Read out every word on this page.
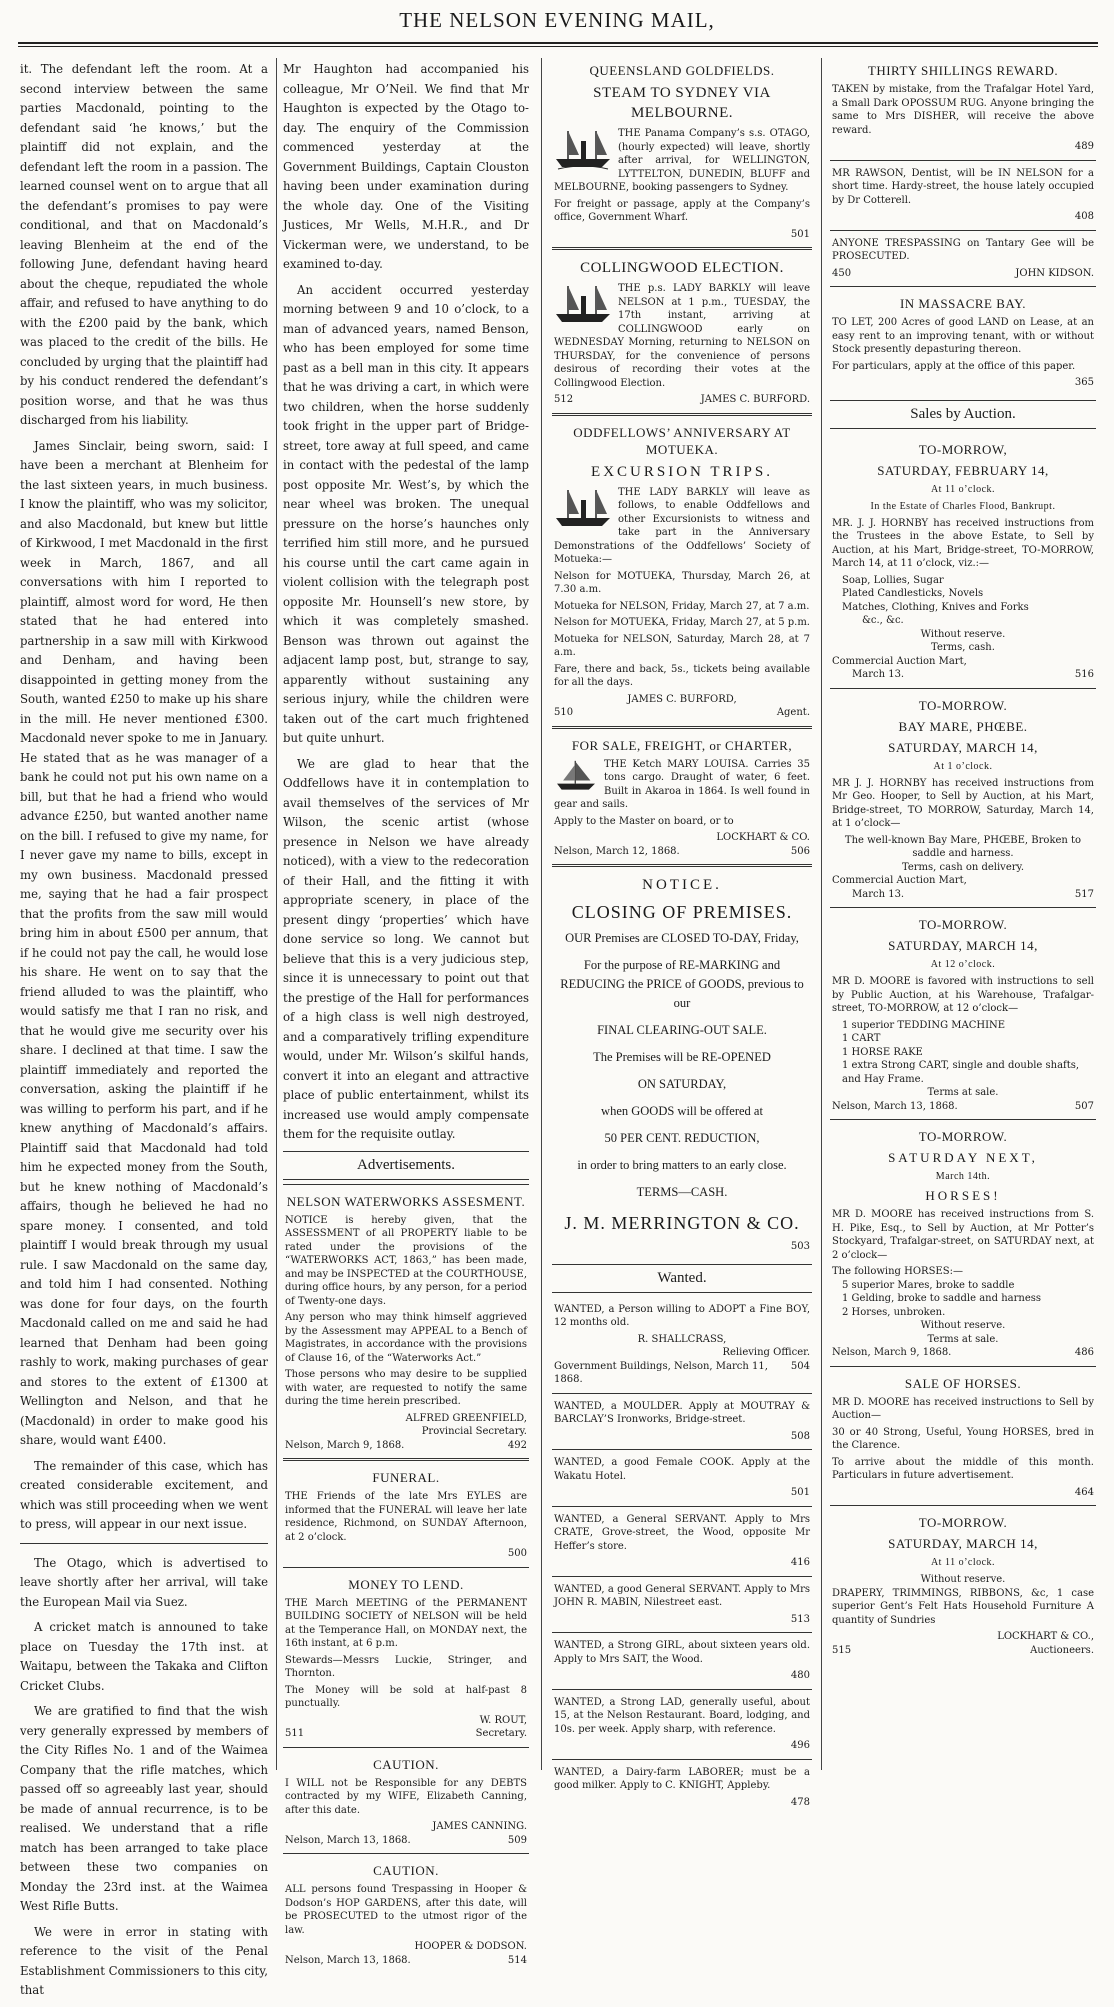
THE NELSON EVENING MAIL,

it. The defendant left the room. At a second interview between the same parties Macdonald, pointing to the defendant said ‘he knows,’ but the plaintiff did not explain, and the defendant left the room in a passion. The learned counsel went on to argue that all the defendant’s promises to pay were conditional, and that on Macdonald’s leaving Blenheim at the end of the following June, defendant having heard about the cheque, repudiated the whole affair, and refused to have anything to do with the £200 paid by the bank, which was placed to the credit of the bills. He concluded by urging that the plaintiff had by his conduct rendered the defendant’s position worse, and that he was thus discharged from his liability.

James Sinclair, being sworn, said: I have been a merchant at Blenheim for the last sixteen years, in much business. I know the plaintiff, who was my solicitor, and also Macdonald, but knew but little of Kirkwood, I met Macdonald in the first week in March, 1867, and all conversations with him I reported to plaintiff, almost word for word, He then stated that he had entered into partnership in a saw mill with Kirkwood and Denham, and having been disappointed in getting money from the South, wanted £250 to make up his share in the mill. He never mentioned £300. Macdonald never spoke to me in January. He stated that as he was manager of a bank he could not put his own name on a bill, but that he had a friend who would advance £250, but wanted another name on the bill. I refused to give my name, for I never gave my name to bills, except in my own business. Macdonald pressed me, saying that he had a fair prospect that the profits from the saw mill would bring him in about £500 per annum, that if he could not pay the call, he would lose his share. He went on to say that the friend alluded to was the plaintiff, who would satisfy me that I ran no risk, and that he would give me security over his share. I declined at that time. I saw the plaintiff immediately and reported the conversation, asking the plaintiff if he was willing to perform his part, and if he knew anything of Macdonald’s affairs. Plaintiff said that Macdonald had told him he expected money from the South, but he knew nothing of Macdonald’s affairs, though he believed he had no spare money. I consented, and told plaintiff I would break through my usual rule. I saw Macdonald on the same day, and told him I had consented. Nothing was done for four days, on the fourth Macdonald called on me and said he had learned that Denham had been going rashly to work, making purchases of gear and stores to the extent of £1300 at Wellington and Nelson, and that he (Macdonald) in order to make good his share, would want £400.

The remainder of this case, which has created considerable excitement, and which was still proceeding when we went to press, will appear in our next issue.

The Otago, which is advertised to leave shortly after her arrival, will take the European Mail via Suez.

A cricket match is announed to take place on Tuesday the 17th inst. at Waitapu, between the Takaka and Clifton Cricket Clubs.

We are gratified to find that the wish very generally expressed by members of the City Rifles No. 1 and of the Waimea Company that the rifle matches, which passed off so agreeably last year, should be made of annual recurrence, is to be realised. We understand that a rifle match has been arranged to take place between these two companies on Monday the 23rd inst. at the Waimea West Rifle Butts.

We were in error in stating with reference to the visit of the Penal Establishment Commissioners to this city, that

Mr Haughton had accompanied his colleague, Mr O’Neil. We find that Mr Haughton is expected by the Otago to-day. The enquiry of the Commission commenced yesterday at the Government Buildings, Captain Clouston having been under examination during the whole day. One of the Visiting Justices, Mr Wells, M.H.R., and Dr Vickerman were, we understand, to be examined to-day.

An accident occurred yesterday morning between 9 and 10 o’clock, to a man of advanced years, named Benson, who has been employed for some time past as a bell man in this city. It appears that he was driving a cart, in which were two children, when the horse suddenly took fright in the upper part of Bridge-street, tore away at full speed, and came in contact with the pedestal of the lamp post opposite Mr. West’s, by which the near wheel was broken. The unequal pressure on the horse’s haunches only terrified him still more, and he pursued his course until the cart came again in violent collision with the telegraph post opposite Mr. Hounsell’s new store, by which it was completely smashed. Benson was thrown out against the adjacent lamp post, but, strange to say, apparently without sustaining any serious injury, while the children were taken out of the cart much frightened but quite unhurt.

We are glad to hear that the Oddfellows have it in contemplation to avail themselves of the services of Mr Wilson, the scenic artist (whose presence in Nelson we have already noticed), with a view to the redecoration of their Hall, and the fitting it with appropriate scenery, in place of the present dingy ‘properties’ which have done service so long. We cannot but believe that this is a very judicious step, since it is unnecessary to point out that the prestige of the Hall for performances of a high class is well nigh destroyed, and a comparatively trifling expenditure would, under Mr. Wilson’s skilful hands, convert it into an elegant and attractive place of public entertainment, whilst its increased use would amply compensate them for the requisite outlay.

Advertisements.
NELSON WATERWORKS ASSESMENT.

NOTICE is hereby given, that the ASSESSMENT of all PROPERTY liable to be rated under the provisions of the “WATERWORKS ACT, 1863,” has been made, and may be INSPECTED at the COURTHOUSE, during office hours, by any person, for a period of Twenty-one days.

Any person who may think himself aggrieved by the Assessment may APPEAL to a Bench of Magistrates, in accordance with the provisions of Clause 16, of the “Waterworks Act.”

Those persons who may desire to be supplied with water, are requested to notify the same during the time herein prescribed.

ALFRED GREENFIELD,
Provincial Secretary.
Nelson, March 9, 1868.	492
FUNERAL.

THE Friends of the late Mrs EYLES are informed that the FUNERAL will leave her late residence, Richmond, on SUNDAY Afternoon, at 2 o’clock.

500
MONEY TO LEND.

THE March MEETING of the PERMANENT BUILDING SOCIETY of NELSON will be held at the Temperance Hall, on MONDAY next, the 16th instant, at 6 p.m.

Stewards—Messrs Luckie, Stringer, and Thornton.

The Money will be sold at half-past 8 punctually.

W. ROUT,
511	Secretary.
CAUTION.

I WILL not be Responsible for any DEBTS contracted by my WIFE, Elizabeth Canning, after this date.

JAMES CANNING.
Nelson, March 13, 1868.	509
CAUTION.

ALL persons found Trespassing in Hooper & Dodson’s HOP GARDENS, after this date, will be PROSECUTED to the utmost rigor of the law.

HOOPER & DODSON.
Nelson, March 13, 1868.	514
QUEENSLAND GOLDFIELDS.
STEAM TO SYDNEY VIA MELBOURNE.

THE Panama Company’s s.s. OTAGO, (hourly expected) will leave, shortly after arrival, for WELLINGTON, LYTTELTON, DUNEDIN, BLUFF and MELBOURNE, booking passengers to Sydney.

For freight or passage, apply at the Company’s office, Government Wharf.

501
COLLINGWOOD ELECTION.

THE p.s. LADY BARKLY will leave NELSON at 1 p.m., TUESDAY, the 17th instant, arriving at COLLINGWOOD early on WEDNESDAY Morning, returning to NELSON on THURSDAY, for the convenience of persons desirous of recording their votes at the Collingwood Election.

512	JAMES C. BURFORD.
ODDFELLOWS’ ANNIVERSARY AT MOTUEKA.
EXCURSION TRIPS.

THE LADY BARKLY will leave as follows, to enable Oddfellows and other Excursionists to witness and take part in the Anniversary Demonstrations of the Oddfellows’ Society of Motueka:—

Nelson for MOTUEKA, Thursday, March 26, at 7.30 a.m.

Motueka for NELSON, Friday, March 27, at 7 a.m.

Nelson for MOTUEKA, Friday, March 27, at 5 p.m.

Motueka for NELSON, Saturday, March 28, at 7 a.m.

Fare, there and back, 5s., tickets being available for all the days.

JAMES C. BURFORD,
510	Agent.
FOR SALE, FREIGHT, or CHARTER,

THE Ketch MARY LOUISA. Carries 35 tons cargo. Draught of water, 6 feet. Built in Akaroa in 1864. Is well found in gear and sails.

Apply to the Master on board, or to

LOCKHART & CO.
Nelson, March 12, 1868.	506
NOTICE.
CLOSING OF PREMISES.
OUR Premises are CLOSED TO-DAY, Friday,
For the purpose of RE-MARKING and REDUCING the PRICE of GOODS, previous to our
FINAL CLEARING-OUT SALE.
The Premises will be RE-OPENED
ON SATURDAY,
when GOODS will be offered at
50 PER CENT. REDUCTION,
in order to bring matters to an early close.
TERMS—CASH.
J. M. MERRINGTON & CO.
503
Wanted.

WANTED, a Person willing to ADOPT a Fine BOY, 12 months old.

R. SHALLCRASS,
Relieving Officer.
Government Buildings, Nelson, March 11, 1868.
504

WANTED, a MOULDER. Apply at MOUTRAY & BARCLAY’S Ironworks, Bridge-street.

508

WANTED, a good Female COOK. Apply at the Wakatu Hotel.

501

WANTED, a General SERVANT. Apply to Mrs CRATE, Grove-street, the Wood, opposite Mr Heffer’s store.

416

WANTED, a good General SERVANT. Apply to Mrs JOHN R. MABIN, Nilestreet east.

513

WANTED, a Strong GIRL, about sixteen years old. Apply to Mrs SAIT, the Wood.

480

WANTED, a Strong LAD, generally useful, about 15, at the Nelson Restaurant. Board, lodging, and 10s. per week. Apply sharp, with reference.

496

WANTED, a Dairy-farm LABORER; must be a good milker. Apply to C. KNIGHT, Appleby.

478
THIRTY SHILLINGS REWARD.

TAKEN by mistake, from the Trafalgar Hotel Yard, a Small Dark OPOSSUM RUG. Anyone bringing the same to Mrs DISHER, will receive the above reward.

489

MR RAWSON, Dentist, will be IN NELSON for a short time. Hardy-street, the house lately occupied by Dr Cotterell.

408

ANYONE TRESPASSING on Tantary Gee will be PROSECUTED.

450	JOHN KIDSON.
IN MASSACRE BAY.

TO LET, 200 Acres of good LAND on Lease, at an easy rent to an improving tenant, with or without Stock presently depasturing thereon.

For particulars, apply at the office of this paper.

365
Sales by Auction.
TO-MORROW,
SATURDAY, FEBRUARY 14,
At 11 o’clock.
In the Estate of Charles Flood, Bankrupt.

MR. J. J. HORNBY has received instructions from the Trustees in the above Estate, to Sell by Auction, at his Mart, Bridge-street, TO-MORROW, March 14, at 11 o’clock, viz.:—

Soap, Lollies, Sugar
Plated Candlesticks, Novels
Matches, Clothing, Knives and Forks
&c., &c.
Without reserve.
Terms, cash.
Commercial Auction Mart,
March 13.	516
TO-MORROW.
BAY MARE, PHŒBE.
SATURDAY, MARCH 14,
At 1 o’clock.

MR J. J. HORNBY has received instructions from Mr Geo. Hooper, to Sell by Auction, at his Mart, Bridge-street, TO MORROW, Saturday, March 14, at 1 o’clock—

The well-known Bay Mare, PHŒBE, Broken to saddle and harness.
Terms, cash on delivery.
Commercial Auction Mart,
March 13.	517
TO-MORROW.
SATURDAY, MARCH 14,
At 12 o’clock.

MR D. MOORE is favored with instructions to sell by Public Auction, at his Warehouse, Trafalgar-street, TO-MORROW, at 12 o’clock—

1 superior TEDDING MACHINE
1 CART
1 HORSE RAKE
1 extra Strong CART, single and double shafts, and Hay Frame.
Terms at sale.
Nelson, March 13, 1868.	507
TO-MORROW.
SATURDAY NEXT,
March 14th.
HORSES!

MR D. MOORE has received instructions from S. H. Pike, Esq., to Sell by Auction, at Mr Potter’s Stockyard, Trafalgar-street, on SATURDAY next, at 2 o’clock—

The following HORSES:—
5 superior Mares, broke to saddle
1 Gelding, broke to saddle and harness
2 Horses, unbroken.
Without reserve.
Terms at sale.
Nelson, March 9, 1868.	486
SALE OF HORSES.

MR D. MOORE has received instructions to Sell by Auction—

30 or 40 Strong, Useful, Young HORSES, bred in the Clarence.

To arrive about the middle of this month. Particulars in future advertisement.

464
TO-MORROW.
SATURDAY, MARCH 14,
At 11 o’clock.
Without reserve.

DRAPERY, TRIMMINGS, RIBBONS, &c, 1 case superior Gent’s Felt Hats Household Furniture A quantity of Sundries

LOCKHART & CO.,
515	Auctioneers.
